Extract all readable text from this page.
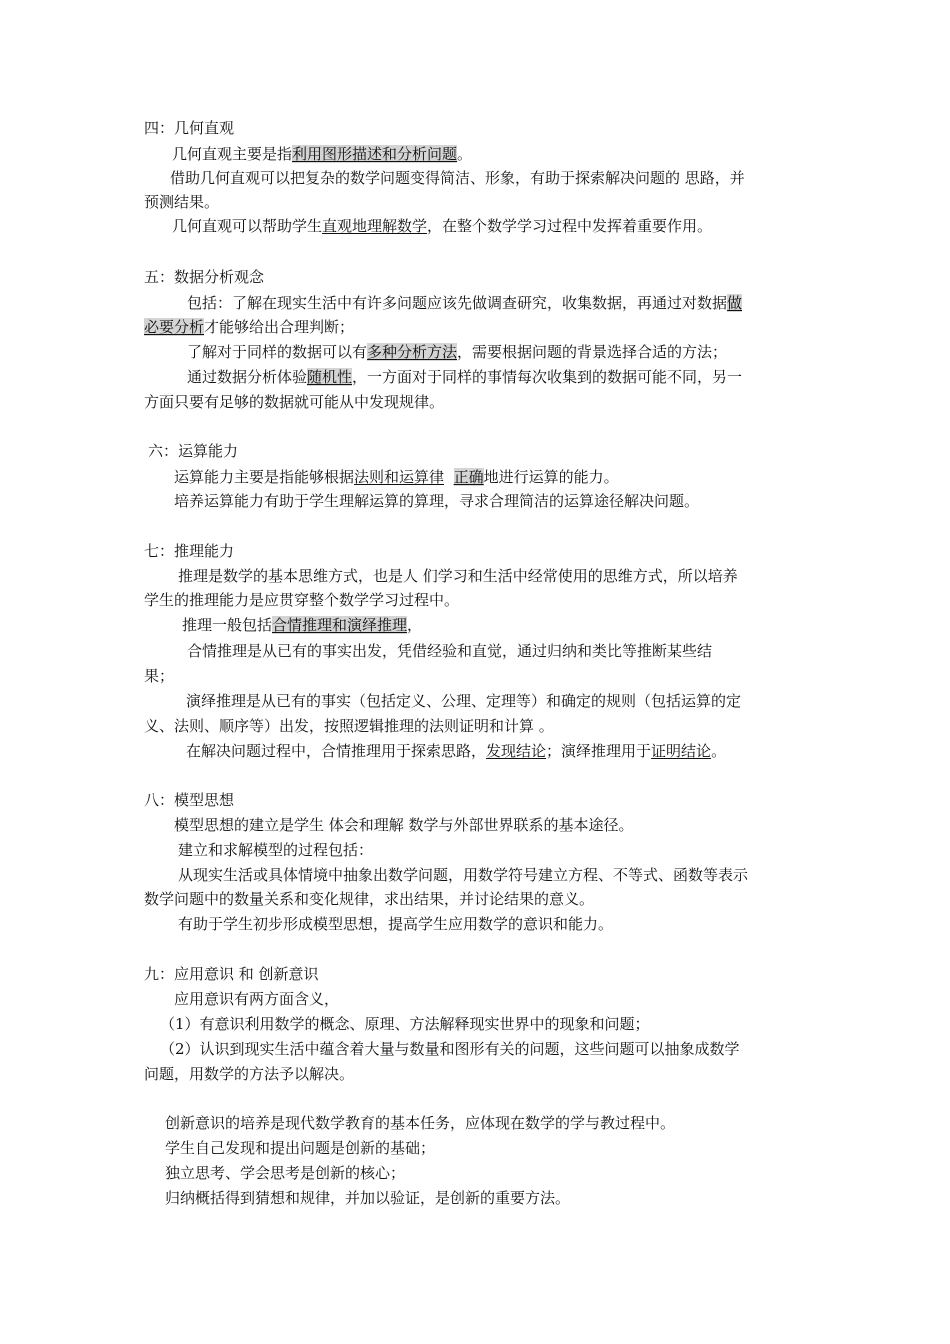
四：几何直观
几何直观主要是指利用图形描述和分析问题。
借助几何直观可以把复杂的数学问题变得简洁、形象，有助于探索解决问题的 思路，并
预测结果。
几何直观可以帮助学生直观地理解数学，在整个数学学习过程中发挥着重要作用。
五：数据分析观念
包括：了解在现实生活中有许多问题应该先做调查研究，收集数据，再通过对数据做
必要分析才能够给出合理判断；
了解对于同样的数据可以有多种分析方法，需要根据问题的背景选择合适的方法；
通过数据分析体验随机性，一方面对于同样的事情每次收集到的数据可能不同，另一
方面只要有足够的数据就可能从中发现规律。
六：运算能力
运算能力主要是指能够根据法则和运算律 正确地进行运算的能力。
培养运算能力有助于学生理解运算的算理，寻求合理简洁的运算途径解决问题。
七：推理能力
推理是数学的基本思维方式，也是人 们学习和生活中经常使用的思维方式，所以培养
学生的推理能力是应贯穿整个数学学习过程中。
推理一般包括合情推理和演绎推理，
合情推理是从已有的事实出发，凭借经验和直觉，通过归纳和类比等推断某些结
果；
演绎推理是从已有的事实（包括定义、公理、定理等）和确定的规则（包括运算的定
义、法则、顺序等）出发，按照逻辑推理的法则证明和计算 。
在解决问题过程中，合情推理用于探索思路，发现结论；演绎推理用于证明结论。
八：模型思想
模型思想的建立是学生 体会和理解 数学与外部世界联系的基本途径。
建立和求解模型的过程包括：
从现实生活或具体情境中抽象出数学问题，用数学符号建立方程、不等式、函数等表示
数学问题中的数量关系和变化规律，求出结果，并讨论结果的意义。
有助于学生初步形成模型思想，提高学生应用数学的意识和能力。
九：应用意识 和 创新意识
应用意识有两方面含义，
（1）有意识利用数学的概念、原理、方法解释现实世界中的现象和问题；
（2）认识到现实生活中蕴含着大量与数量和图形有关的问题，这些问题可以抽象成数学
问题，用数学的方法予以解决。
创新意识的培养是现代数学教育的基本任务，应体现在数学的学与教过程中。
学生自己发现和提出问题是创新的基础；
独立思考、学会思考是创新的核心；
归纳概括得到猜想和规律，并加以验证，是创新的重要方法。
